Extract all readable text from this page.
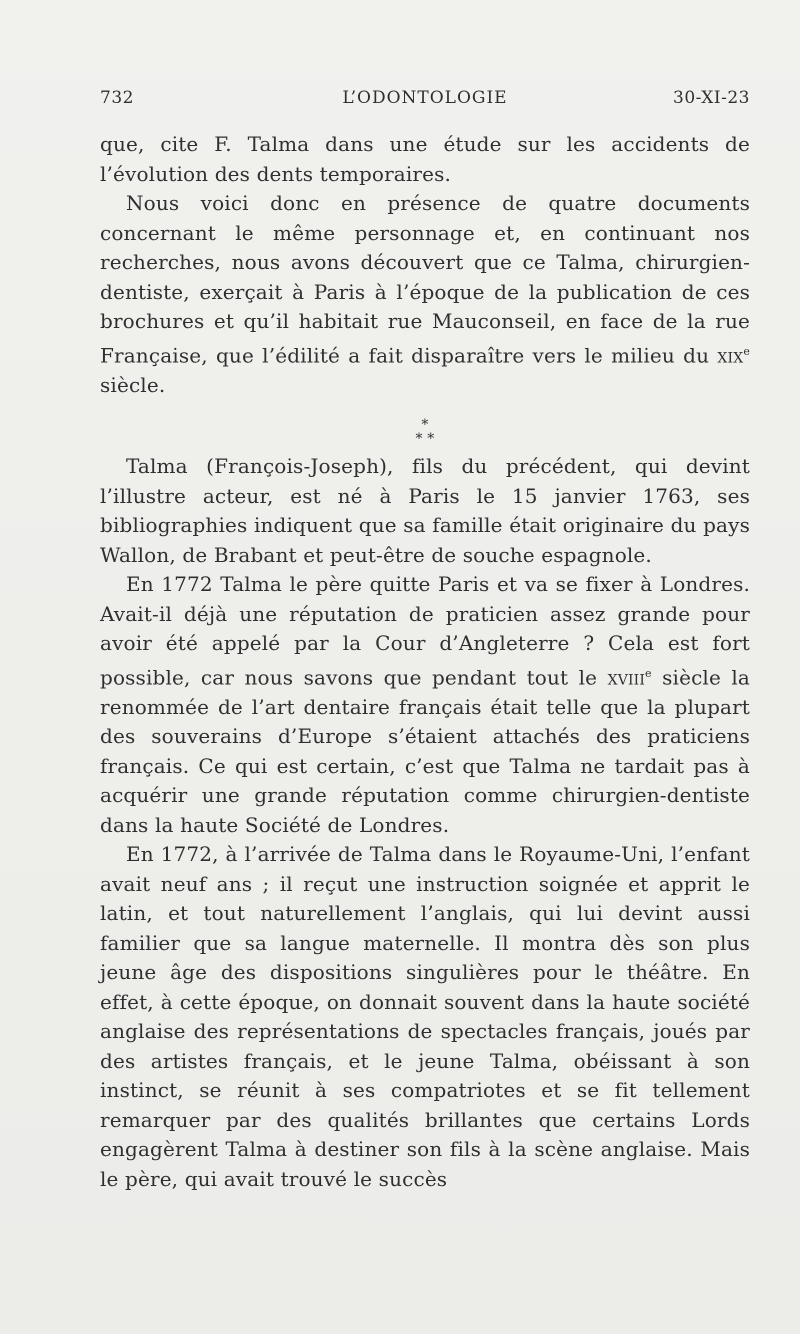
732	L’ODONTOLOGIE	30-XI-23

que, cite F. Talma dans une étude sur les accidents de l’évolution des dents temporaires.

Nous voici donc en présence de quatre documents concernant le même personnage et, en continuant nos recherches, nous avons découvert que ce Talma, chirurgien-dentiste, exerçait à Paris à l’époque de la publication de ces brochures et qu’il habitait rue Mauconseil, en face de la rue Française, que l’édilité a fait disparaître vers le milieu du xix$^e$ siècle.

*
* *

Talma (François-Joseph), fils du précédent, qui devint l’illustre acteur, est né à Paris le 15 janvier 1763, ses bibliographies indiquent que sa famille était originaire du pays Wallon, de Brabant et peut-être de souche espagnole.

En 1772 Talma le père quitte Paris et va se fixer à Londres. Avait-il déjà une réputation de praticien assez grande pour avoir été appelé par la Cour d’Angleterre ? Cela est fort possible, car nous savons que pendant tout le xviii$^e$ siècle la renommée de l’art dentaire français était telle que la plupart des souverains d’Europe s’étaient attachés des praticiens français. Ce qui est certain, c’est que Talma ne tardait pas à acquérir une grande réputation comme chirurgien-dentiste dans la haute Société de Londres.

En 1772, à l’arrivée de Talma dans le Royaume-Uni, l’enfant avait neuf ans ; il reçut une instruction soignée et apprit le latin, et tout naturellement l’anglais, qui lui devint aussi familier que sa langue maternelle. Il montra dès son plus jeune âge des dispositions singulières pour le théâtre. En effet, à cette époque, on donnait souvent dans la haute société anglaise des représentations de spectacles français, joués par des artistes français, et le jeune Talma, obéissant à son instinct, se réunit à ses compatriotes et se fit tellement remarquer par des qualités brillantes que certains Lords engagèrent Talma à destiner son fils à la scène anglaise. Mais le père, qui avait trouvé le succès
